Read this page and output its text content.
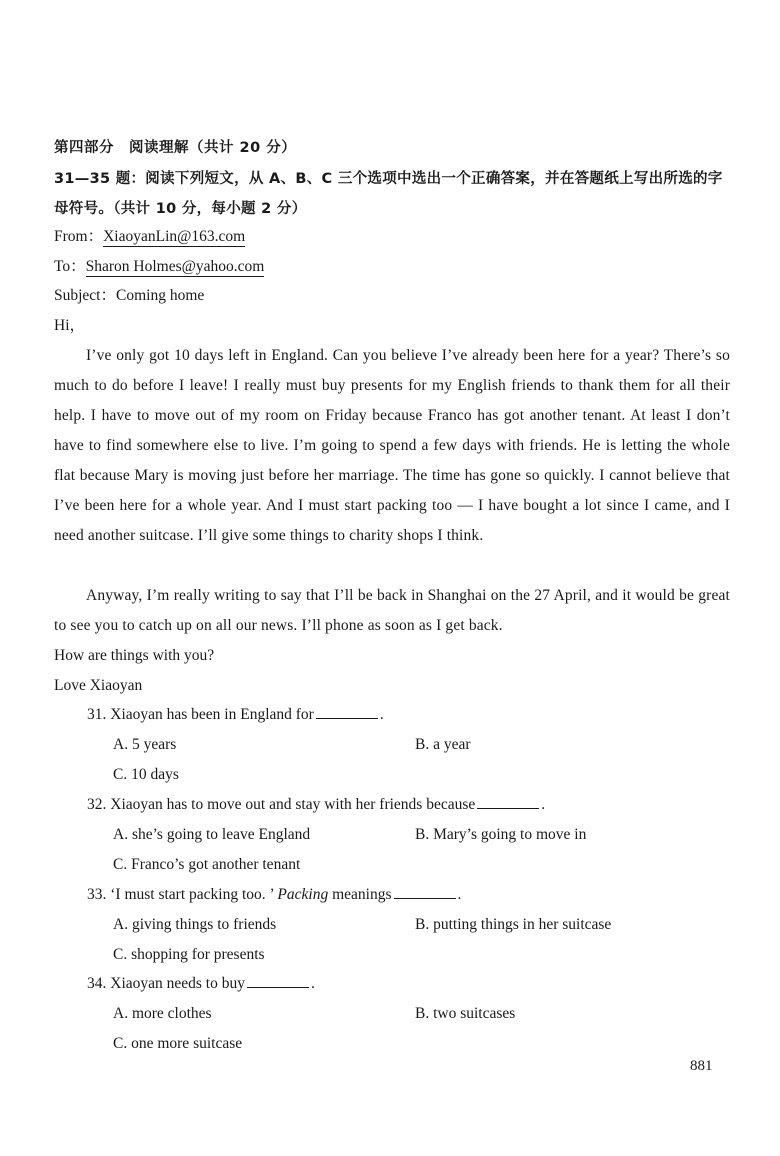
第四部分　阅读理解（共计 20 分）
31—35 题：阅读下列短文，从 A、B、C 三个选项中选出一个正确答案，并在答题纸上写出所选的字母符号。（共计 10 分，每小题 2 分）
From：XiaoyanLin@163.com
To：Sharon Holmes@yahoo.com
Subject：Coming home
Hi，
I’ve only got 10 days left in England. Can you believe I’ve already been here for a year? There’s so much to do before I leave! I really must buy presents for my English friends to thank them for all their help. I have to move out of my room on Friday because Franco has got another tenant. At least I don’t have to find somewhere else to live. I’m going to spend a few days with friends. He is letting the whole flat because Mary is moving just before her marriage. The time has gone so quickly. I cannot believe that I’ve been here for a whole year. And I must start packing too — I have bought a lot since I came, and I need another suitcase. I’ll give some things to charity shops I think.
Anyway, I’m really writing to say that I’ll be back in Shanghai on the 27 April, and it would be great to see you to catch up on all our news. I’ll phone as soon as I get back.
How are things with you?
Love Xiaoyan
31. Xiaoyan has been in England for	.
A. 5 years	B. a year
C. 10 days
32. Xiaoyan has to move out and stay with her friends because	.
A. she’s going to leave England	B. Mary’s going to move in
C. Franco’s got another tenant
33. ‘I must start packing too. ’ Packing meanings	.
A. giving things to friends	B. putting things in her suitcase
C. shopping for presents
34. Xiaoyan needs to buy	.
A. more clothes	B. two suitcases
C. one more suitcase
881
